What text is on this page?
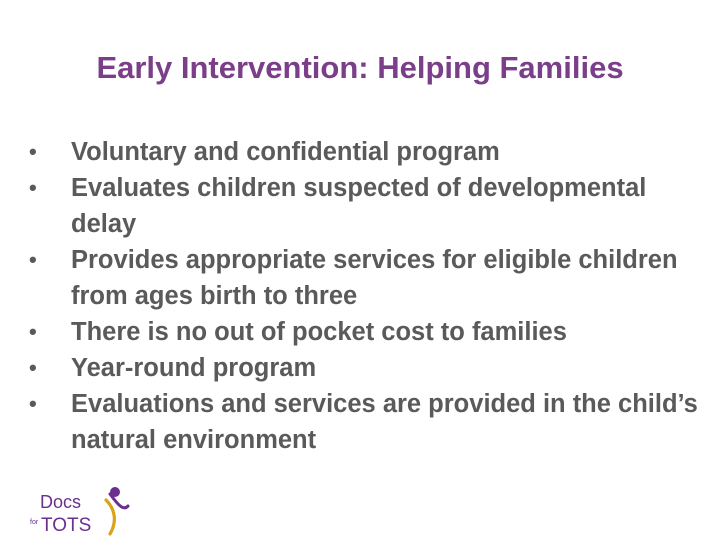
Early Intervention: Helping Families
•	Voluntary and confidential program
•	Evaluates children suspected of developmental delay
•	Provides appropriate services for eligible children from ages birth to three
•	There is no out of pocket cost to families
•	Year-round program
•	Evaluations and services are provided in the child’s natural environment
Docs
for TOTS
